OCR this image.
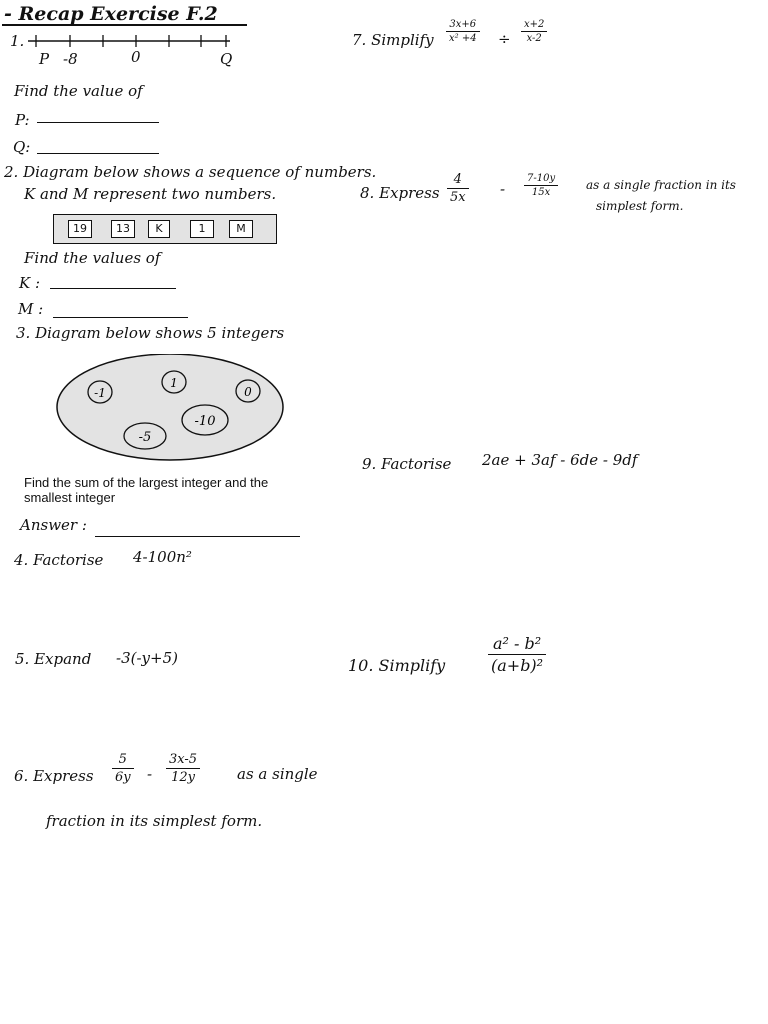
- Recap Exercise F.2
1.
P -8	0	Q
Find the value of
P:
Q:
2. Diagram below shows a sequence of numbers.
K and M represent two numbers.
19	13	K	1	M
Find the values of
K :
M :
3. Diagram below shows 5 integers
-1
1
0
-10
-5
Find the sum of the largest integer and the smallest integer
Answer :
4. Factorise 4-100n²
5. Expand -3(-y+5)
6. Express
5
6y -
3x-5
12y	as a single
fraction in its simplest form.
7. Simplify
3x+6
x² +4 ÷
x+2
x-2
8. Express
4
5x -
7-10y
15x
as a single fraction in its
simplest form.
9. Factorise 2ae + 3af - 6de - 9df
10. Simplify
a² - b²
(a+b)²
